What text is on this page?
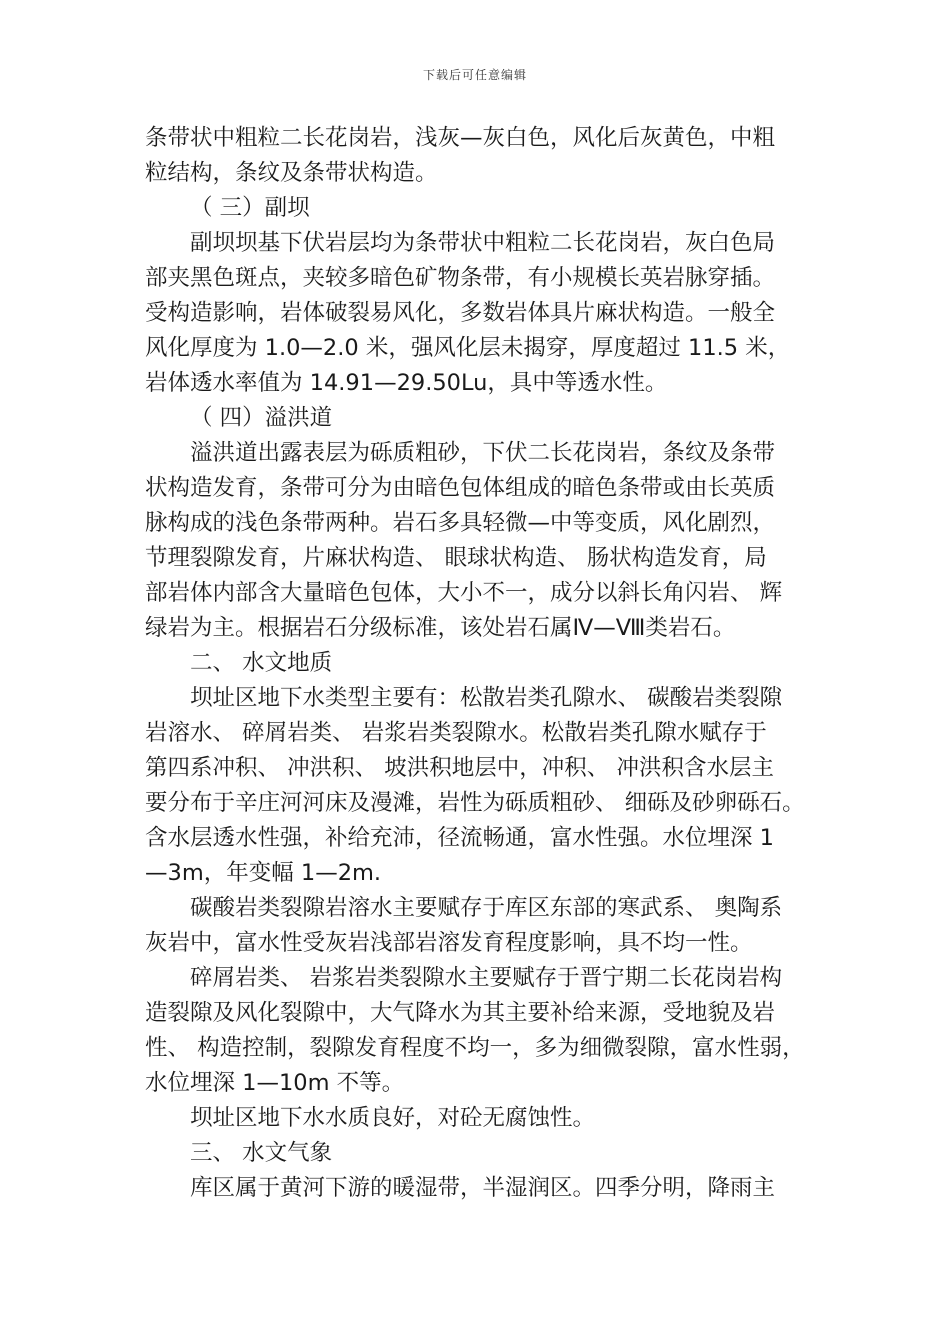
下载后可任意编辑
条带状中粗粒二长花岗岩，浅灰—灰白色，风化后灰黄色，中粗
粒结构，条纹及条带状构造。
（ 三）副坝
副坝坝基下伏岩层均为条带状中粗粒二长花岗岩，灰白色局
部夹黑色斑点，夹较多暗色矿物条带，有小规模长英岩脉穿插。
受构造影响，岩体破裂易风化，多数岩体具片麻状构造。一般全
风化厚度为 1.0—2.0 米，强风化层未揭穿，厚度超过 11.5 米，
岩体透水率值为 14.91—29.50Lu，具中等透水性。
（ 四）溢洪道
溢洪道出露表层为砾质粗砂，下伏二长花岗岩，条纹及条带
状构造发育，条带可分为由暗色包体组成的暗色条带或由长英质
脉构成的浅色条带两种。岩石多具轻微—中等变质，风化剧烈，
节理裂隙发育，片麻状构造、 眼球状构造、 肠状构造发育，局
部岩体内部含大量暗色包体，大小不一，成分以斜长角闪岩、 辉
绿岩为主。根据岩石分级标准，该处岩石属Ⅳ—Ⅷ类岩石。
二、 水文地质
坝址区地下水类型主要有：松散岩类孔隙水、 碳酸岩类裂隙
岩溶水、 碎屑岩类、 岩浆岩类裂隙水。松散岩类孔隙水赋存于
第四系冲积、 冲洪积、 坡洪积地层中，冲积、 冲洪积含水层主
要分布于辛庄河河床及漫滩，岩性为砾质粗砂、 细砾及砂卵砾石。
含水层透水性强，补给充沛，径流畅通，富水性强。水位埋深 1
—3m，年变幅 1—2m.
碳酸岩类裂隙岩溶水主要赋存于库区东部的寒武系、 奥陶系
灰岩中，富水性受灰岩浅部岩溶发育程度影响，具不均一性。
碎屑岩类、 岩浆岩类裂隙水主要赋存于晋宁期二长花岗岩构
造裂隙及风化裂隙中，大气降水为其主要补给来源，受地貌及岩
性、 构造控制，裂隙发育程度不均一，多为细微裂隙，富水性弱，
水位埋深 1—10m 不等。
坝址区地下水水质良好，对砼无腐蚀性。
三、 水文气象
库区属于黄河下游的暖湿带，半湿润区。四季分明，降雨主
